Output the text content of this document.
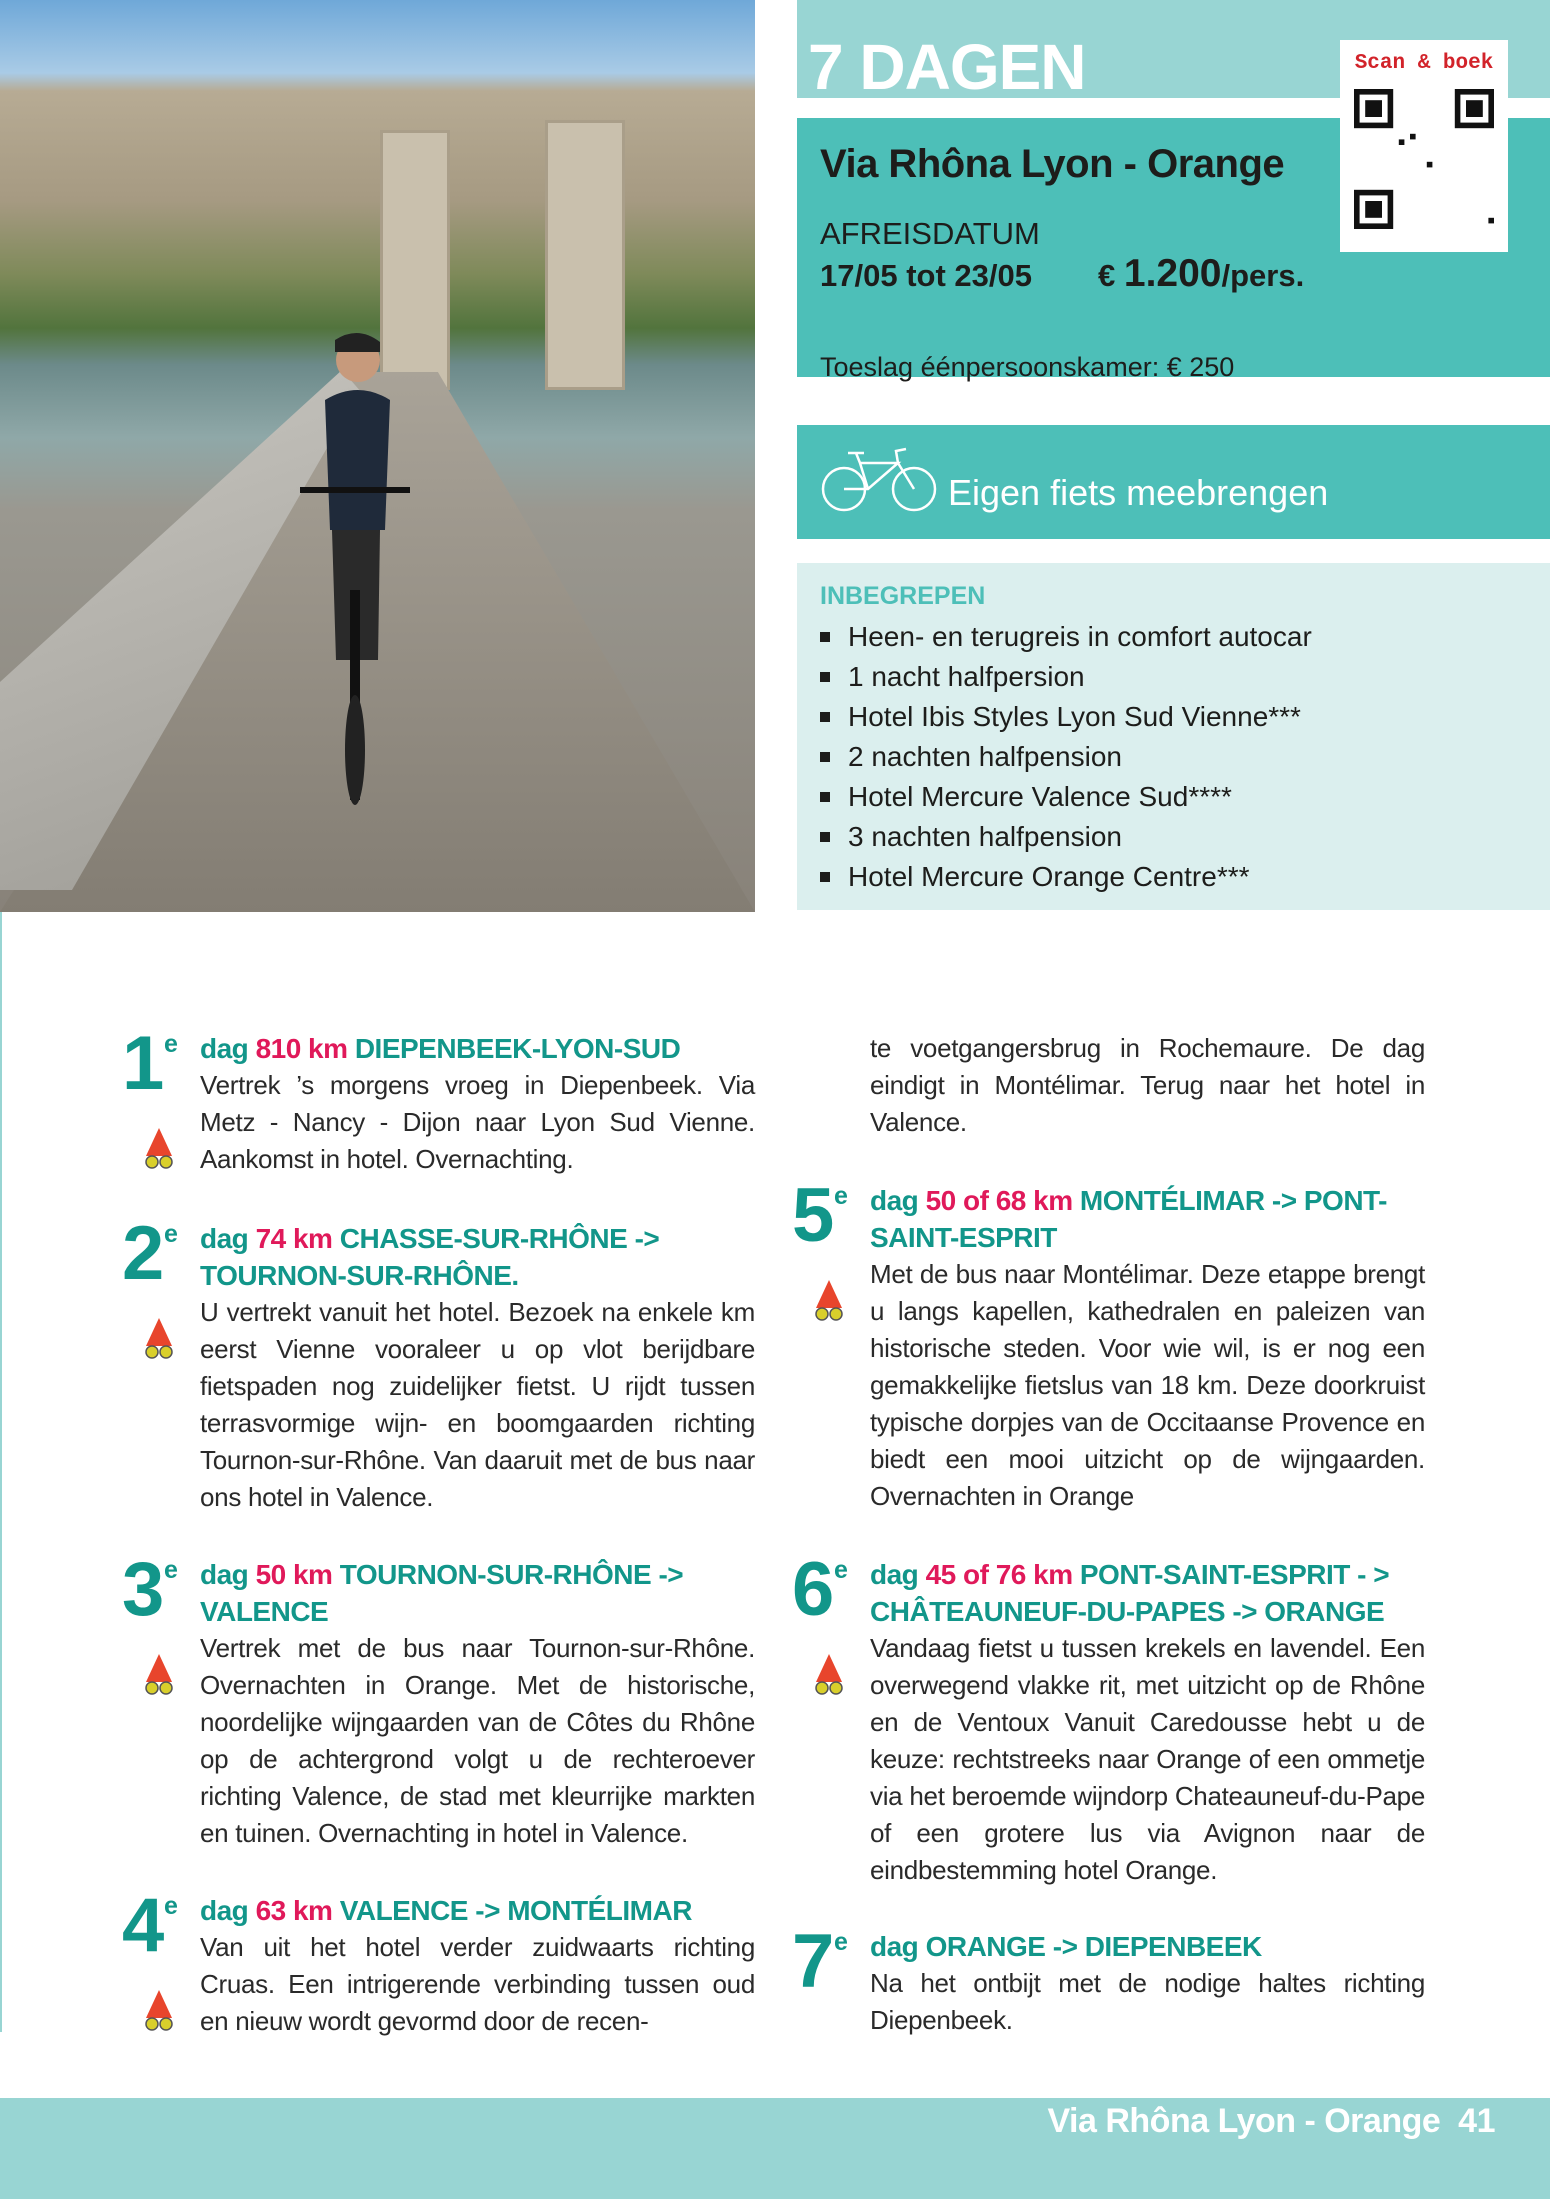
7 DAGEN
Via Rhôna Lyon - Orange
AFREISDATUM
17/05 tot 23/05 € 1.200/pers.
Toeslag éénpersoonskamer: € 250
Scan & boek
Eigen fiets meebrengen
INBEGREPEN
Heen- en terugreis in comfort autocar
1 nacht halfpersion
Hotel Ibis Styles Lyon Sud Vienne***
2 nachten halfpension
Hotel Mercure Valence Sud****
3 nachten halfpension
Hotel Mercure Orange Centre***
1 e dag 810 km DIEPENBEEK-LYON-SUD

Vertrek ’s morgens vroeg in Diepenbeek. Via Metz - Nancy - Dijon naar Lyon Sud Vienne. Aankomst in hotel. Overnachting.

2 e dag 74 km CHASSE-SUR-RHÔNE -> TOURNON-SUR-RHÔNE.

U vertrekt vanuit het hotel. Bezoek na enkele km eerst Vienne vooraleer u op vlot berijdbare fietspaden nog zuidelijker fietst. U rijdt tussen terrasvormige wijn- en boomgaarden richting Tournon-sur-Rhône. Van daaruit met de bus naar ons hotel in Valence.

3 e dag 50 km TOURNON-SUR-RHÔNE -> VALENCE

Vertrek met de bus naar Tournon-sur-Rhône. Overnachten in Orange. Met de historische, noordelijke wijngaarden van de Côtes du Rhône op de achtergrond volgt u de rechteroever richting Valence, de stad met kleurrijke markten en tuinen. Overnachting in hotel in Valence.

4 e dag 63 km VALENCE -> MONTÉLIMAR

Van uit het hotel verder zuidwaarts richting Cruas. Een intrigerende verbinding tussen oud en nieuw wordt gevormd door de recen-

te voetgangersbrug in Rochemaure. De dag eindigt in Montélimar. Terug naar het hotel in Valence.

5 e dag 50 of 68 km MONTÉLIMAR -> PONT-SAINT-ESPRIT

Met de bus naar Montélimar. Deze etappe brengt u langs kapellen, kathedralen en paleizen van historische steden. Voor wie wil, is er nog een gemakkelijke fietslus van 18 km. Deze doorkruist typische dorpjes van de Occitaanse Provence en biedt een mooi uitzicht op de wijngaarden. Overnachten in Orange

6 e dag 45 of 76 km PONT-SAINT-ESPRIT - > CHÂTEAUNEUF-DU-PAPES -> ORANGE

Vandaag fietst u tussen krekels en lavendel. Een overwegend vlakke rit, met uitzicht op de Rhône en de Ventoux Vanuit Caredousse hebt u de keuze: rechtstreeks naar Orange of een ommetje via het beroemde wijndorp Chateauneuf-du-Pape of een grotere lus via Avignon naar de eindbestemming hotel Orange.

7 e dag ORANGE -> DIEPENBEEK

Na het ontbijt met de nodige haltes richting Diepenbeek.

Via Rhôna Lyon - Orange 41
